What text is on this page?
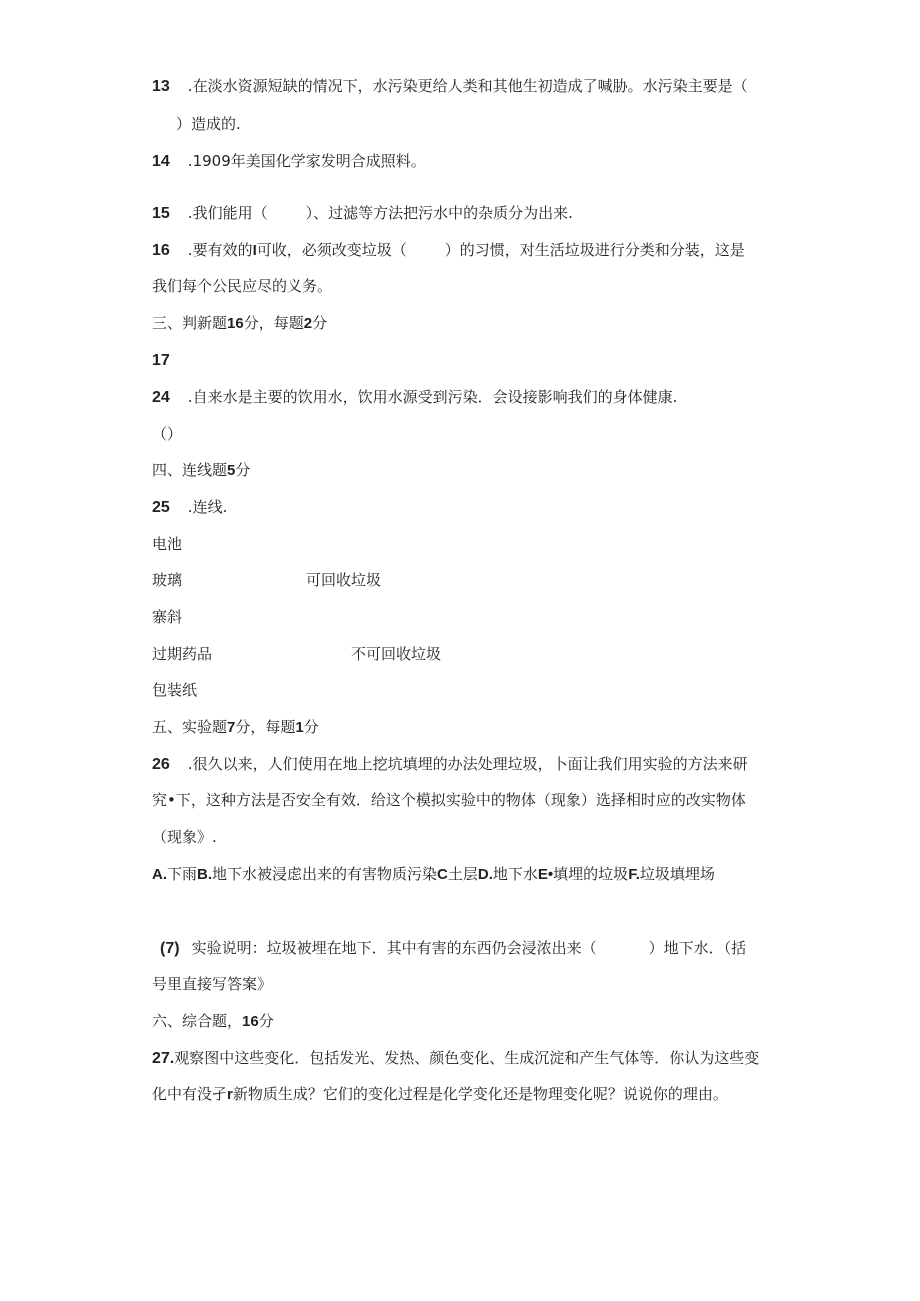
13 .在淡水资源短缺的情况下，水污染更给人类和其他生初造成了喊胁。水污染主要是（
）造成的.
14 .1909年美国化学家发明合成照料。
15 .我们能用（	）、过滤等方法把污水中的杂质分为出来.
16 .要有效的I可收，必须改变垃圾（	）的习惯，对生活垃圾进行分类和分装，这是
我们每个公民应尽的义务。
三、判新题16分，每题2分
17
24 .自来水是主要的饮用水，饮用水源受到污染．会设接影响我们的身体健康.
（）
四、连线题5分
25 .连线.
电池
玻璃	可回收垃圾
寨斜
过期药品	不可回收垃圾
包装纸
五、实验题7分，每题1分
26 .很久以来，人们使用在地上挖坑填埋的办法处理垃圾，卜面让我们用实验的方法来研
究•下，这种方法是否安全有效．给这个模拟实验中的物体（现象）选择相时应的改实物体
（现象》.
A.下雨B.地下水被浸虑出来的有害物质污染C土层D.地下水E•填埋的垃圾F.垃圾填埋场
(7) 实验说明：垃圾被埋在地下．其中有害的东西仍会浸浓出来（	）地下水．（括
号里直接写答案》
六、综合题，16分
27.观察图中这些变化．包括发光、发热、颜色变化、生成沉淀和产生气体等．你认为这些变
化中有没孑r新物质生成？它们的变化过程是化学变化还是物理变化呢？说说你的理由。
